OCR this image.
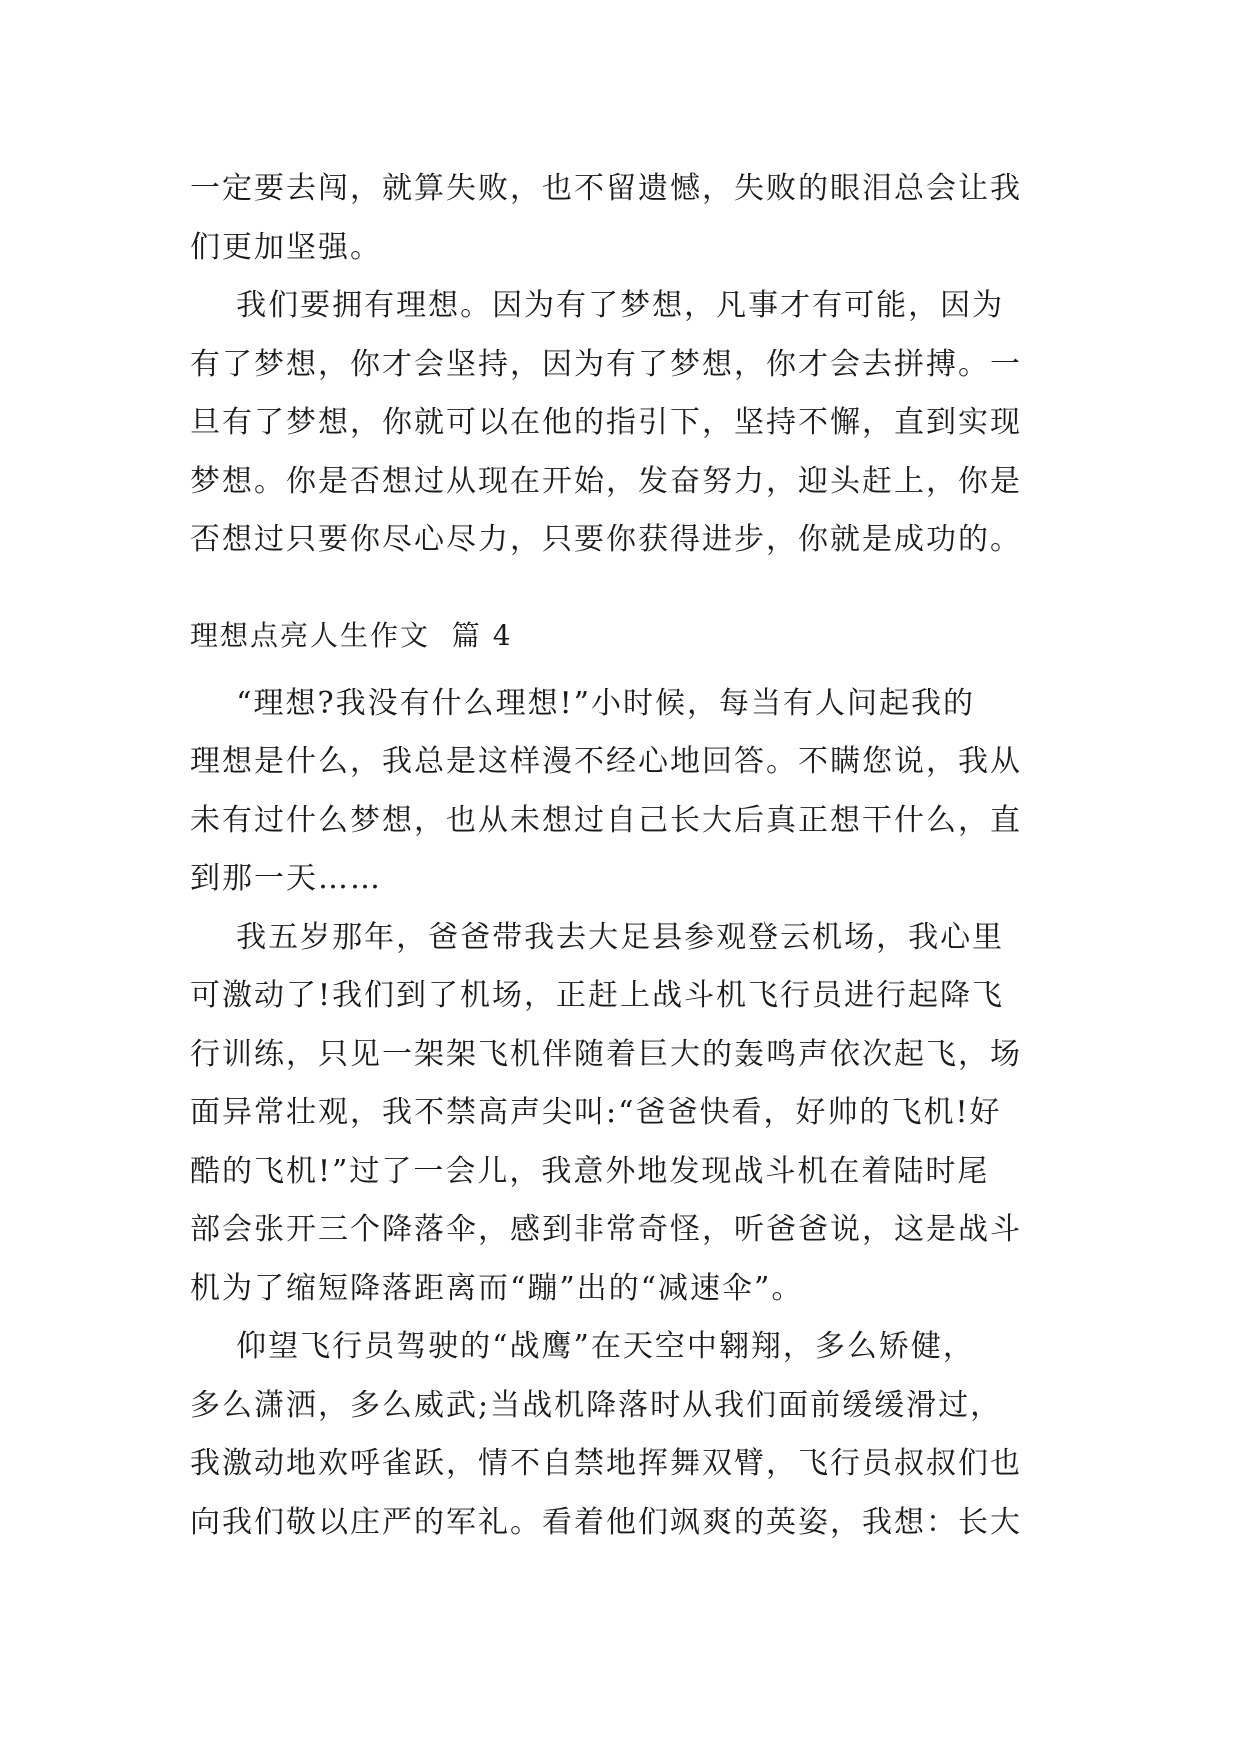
一定要去闯，就算失败，也不留遗憾，失败的眼泪总会让我
们更加坚强。
我们要拥有理想。因为有了梦想，凡事才有可能，因为
有了梦想，你才会坚持，因为有了梦想，你才会去拼搏。一
旦有了梦想，你就可以在他的指引下，坚持不懈，直到实现
梦想。你是否想过从现在开始，发奋努力，迎头赶上，你是
否想过只要你尽心尽力，只要你获得进步，你就是成功的。
理想点亮人生作文  篇 4
“理想?我没有什么理想!”小时候，每当有人问起我的
理想是什么，我总是这样漫不经心地回答。不瞒您说，我从
未有过什么梦想，也从未想过自己长大后真正想干什么，直
到那一天……
我五岁那年，爸爸带我去大足县参观登云机场，我心里
可激动了!我们到了机场，正赶上战斗机飞行员进行起降飞
行训练，只见一架架飞机伴随着巨大的轰鸣声依次起飞，场
面异常壮观，我不禁高声尖叫:“爸爸快看，好帅的飞机!好
酷的飞机!”过了一会儿，我意外地发现战斗机在着陆时尾
部会张开三个降落伞，感到非常奇怪，听爸爸说，这是战斗
机为了缩短降落距离而“蹦”出的“减速伞”。
仰望飞行员驾驶的“战鹰”在天空中翱翔，多么矫健，
多么潇洒，多么威武;当战机降落时从我们面前缓缓滑过，
我激动地欢呼雀跃，情不自禁地挥舞双臂，飞行员叔叔们也
向我们敬以庄严的军礼。看着他们飒爽的英姿，我想：长大
